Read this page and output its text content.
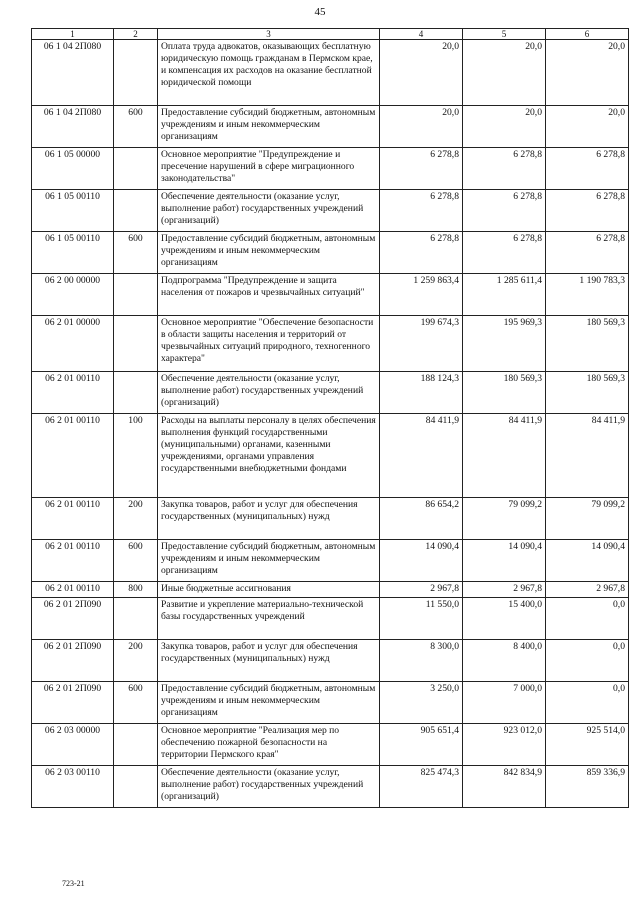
45
1	2	3	4	5	6
06 1 04 2П080		Оплата труда адвокатов, оказывающих бесплатную юридическую помощь гражданам в Пермском крае, и компенсация их расходов на оказание бесплатной юридической помощи	20,0	20,0	20,0
06 1 04 2П080	600	Предоставление субсидий бюджетным, автономным учреждениям и иным некоммерческим организациям	20,0	20,0	20,0
06 1 05 00000		Основное мероприятие "Предупреждение и пресечение нарушений в сфере миграционного законодательства"	6 278,8	6 278,8	6 278,8
06 1 05 00110		Обеспечение деятельности (оказание услуг, выполнение работ) государственных учреждений (организаций)	6 278,8	6 278,8	6 278,8
06 1 05 00110	600	Предоставление субсидий бюджетным, автономным учреждениям и иным некоммерческим организациям	6 278,8	6 278,8	6 278,8
06 2 00 00000		Подпрограмма "Предупреждение и защита населения от пожаров и чрезвычайных ситуаций"	1 259 863,4	1 285 611,4	1 190 783,3
06 2 01 00000		Основное мероприятие "Обеспечение безопасности в области защиты населения и территорий от чрезвычайных ситуаций природного, техногенного характера"	199 674,3	195 969,3	180 569,3
06 2 01 00110		Обеспечение деятельности (оказание услуг, выполнение работ) государственных учреждений (организаций)	188 124,3	180 569,3	180 569,3
06 2 01 00110	100	Расходы на выплаты персоналу в целях обеспечения выполнения функций государственными (муниципальными) органами, казенными учреждениями, органами управления государственными внебюджетными фондами	84 411,9	84 411,9	84 411,9
06 2 01 00110	200	Закупка товаров, работ и услуг для обеспечения государственных (муниципальных) нужд	86 654,2	79 099,2	79 099,2
06 2 01 00110	600	Предоставление субсидий бюджетным, автономным учреждениям и иным некоммерческим организациям	14 090,4	14 090,4	14 090,4
06 2 01 00110	800	Иные бюджетные ассигнования	2 967,8	2 967,8	2 967,8
06 2 01 2П090		Развитие и укрепление материально-технической базы государственных учреждений	11 550,0	15 400,0	0,0
06 2 01 2П090	200	Закупка товаров, работ и услуг для обеспечения государственных (муниципальных) нужд	8 300,0	8 400,0	0,0
06 2 01 2П090	600	Предоставление субсидий бюджетным, автономным учреждениям и иным некоммерческим организациям	3 250,0	7 000,0	0,0
06 2 03 00000		Основное мероприятие "Реализация мер по обеспечению пожарной безопасности на территории Пермского края"	905 651,4	923 012,0	925 514,0
06 2 03 00110		Обеспечение деятельности (оказание услуг, выполнение работ) государственных учреждений (организаций)	825 474,3	842 834,9	859 336,9
723-21
